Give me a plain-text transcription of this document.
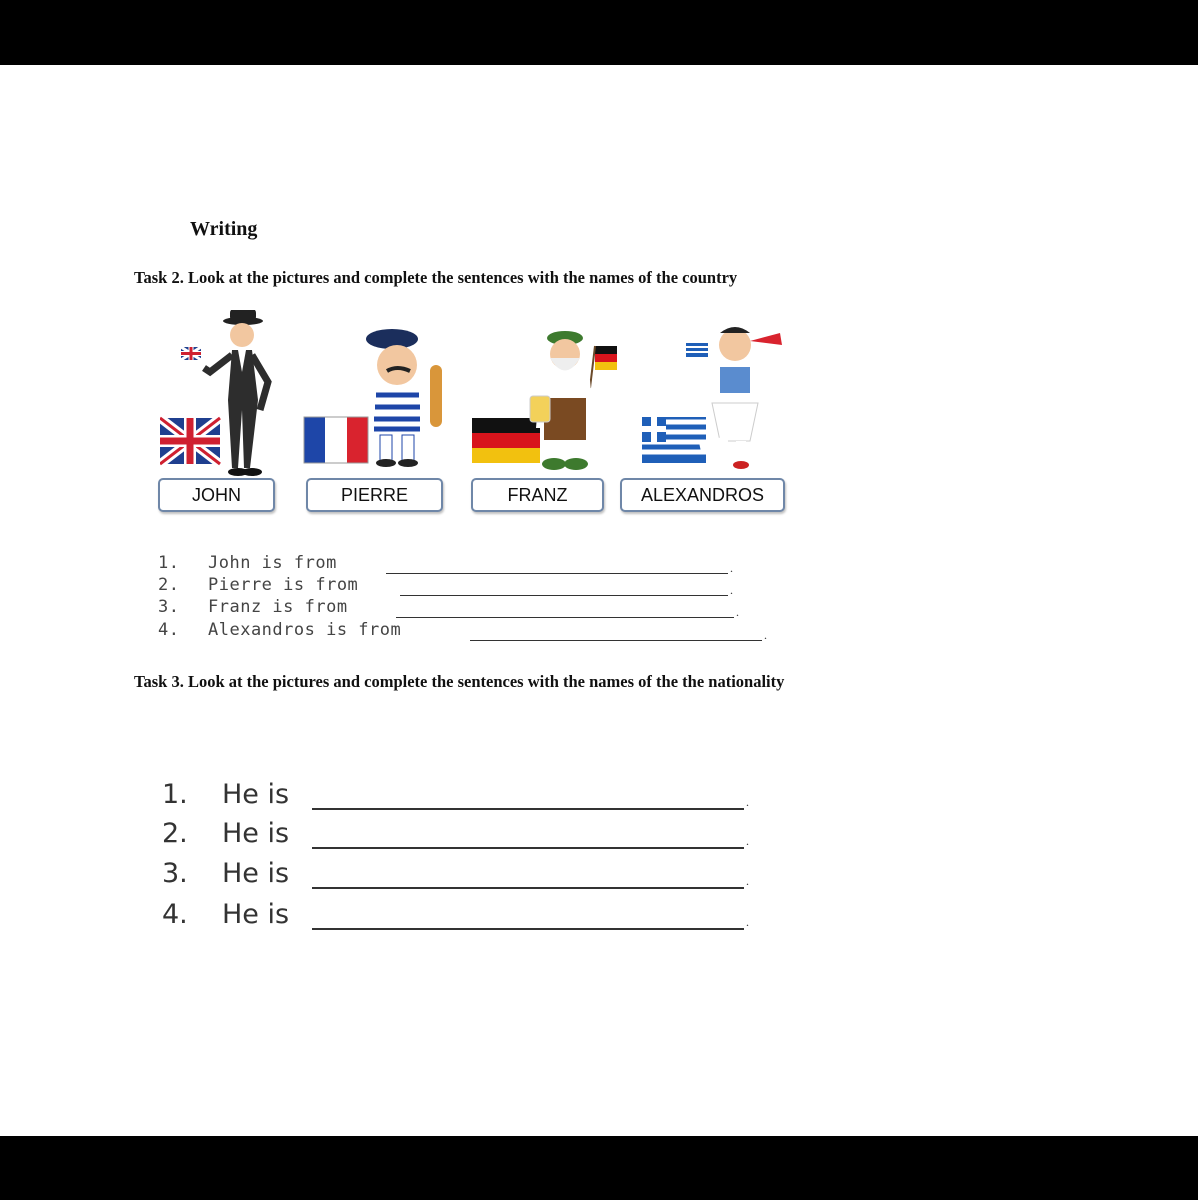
Writing
Task 2. Look at the pictures and complete the sentences with the names of the country
JOHN	PIERRE	FRANZ	ALEXANDROS
1. John is from	.
2. Pierre is from	.
3. Franz is from	.
4. Alexandros is from	.
Task 3. Look at the pictures and complete the sentences with the names of the the nationality
1. He is	.
2. He is	.
3. He is	.
4. He is	.
